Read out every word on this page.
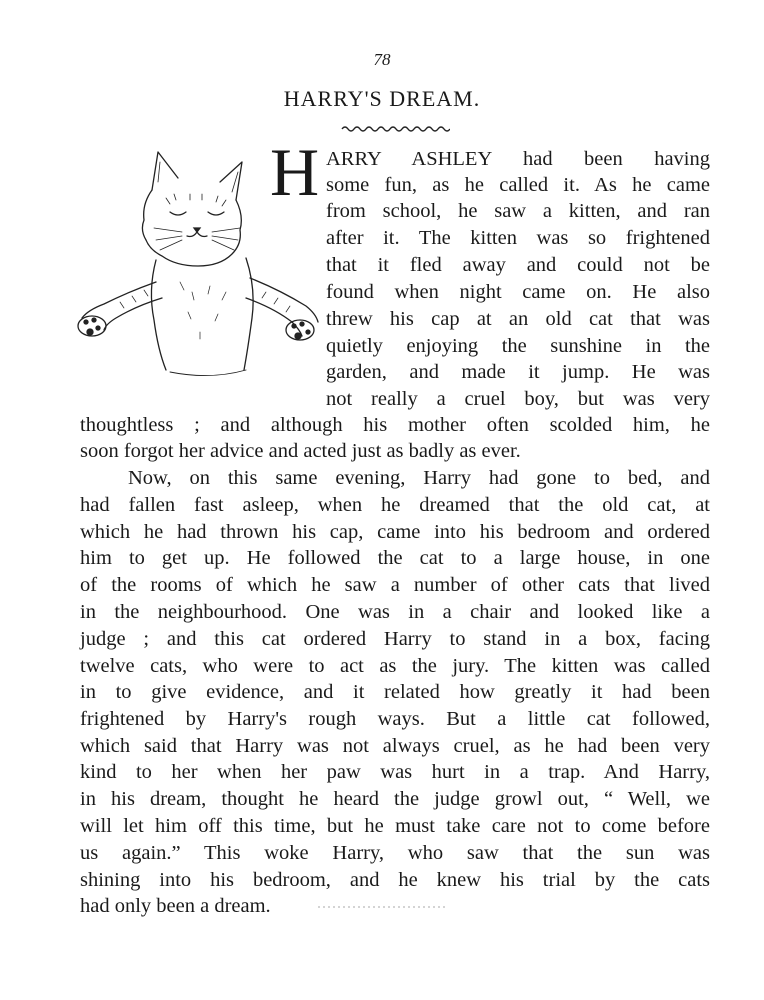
78
HARRY'S DREAM.
H ARRY ASHLEY had been having
some fun, as he called it. As he came
from school, he saw a kitten, and ran
after it. The kitten was so frightened
that it fled away and could not be
found when night came on. He also
threw his cap at an old cat that was
quietly enjoying the sunshine in the
garden, and made it jump. He was
not really a cruel boy, but was very
thoughtless ; and although his mother often scolded him, he
soon forgot her advice and acted just as badly as ever.
Now, on this same evening, Harry had gone to bed, and
had fallen fast asleep, when he dreamed that the old cat, at
which he had thrown his cap, came into his bedroom and ordered
him to get up. He followed the cat to a large house, in one
of the rooms of which he saw a number of other cats that lived
in the neighbourhood. One was in a chair and looked like a
judge ; and this cat ordered Harry to stand in a box, facing
twelve cats, who were to act as the jury. The kitten was called
in to give evidence, and it related how greatly it had been
frightened by Harry's rough ways. But a little cat followed,
which said that Harry was not always cruel, as he had been very
kind to her when her paw was hurt in a trap. And Harry,
in his dream, thought he heard the judge growl out, “ Well, we
will let him off this time, but he must take care not to come before
us again.” This woke Harry, who saw that the sun was
shining into his bedroom, and he knew his trial by the cats
had only been a dream.
